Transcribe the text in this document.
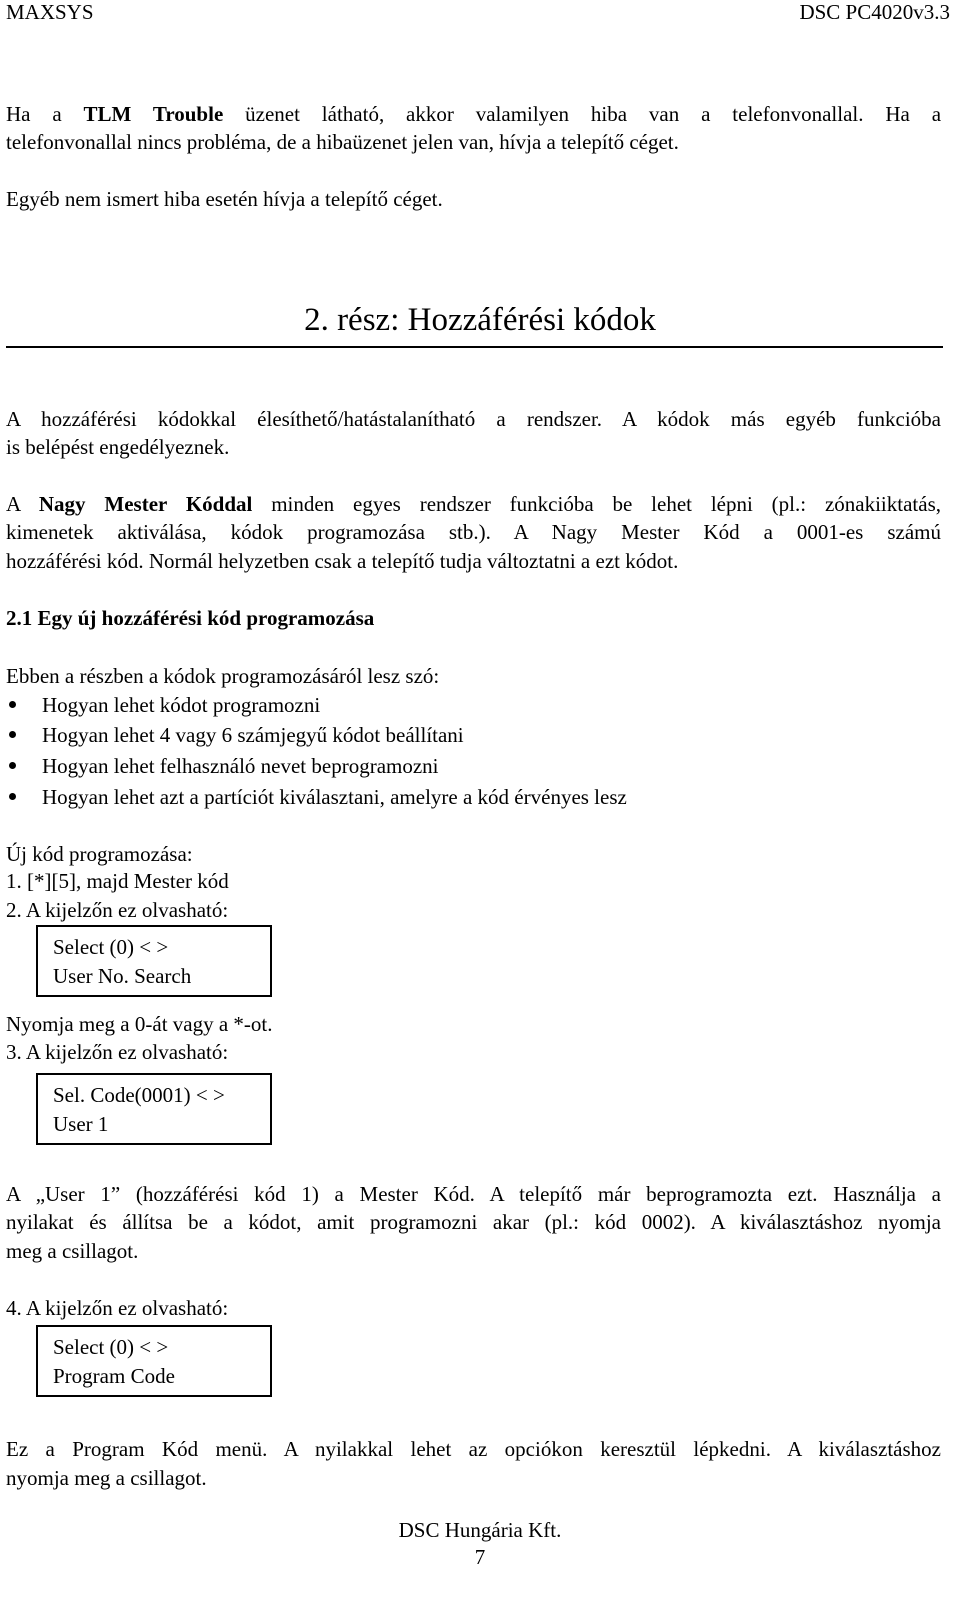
MAXSYS	DSC PC4020v3.3
Ha a TLM Trouble üzenet látható, akkor valamilyen hiba van a telefonvonallal. Ha a
telefonvonallal nincs probléma, de a hibaüzenet jelen van, hívja a telepítő céget.
Egyéb nem ismert hiba esetén hívja a telepítő céget.
2. rész: Hozzáférési kódok
A hozzáférési kódokkal élesíthető/hatástalanítható a rendszer. A kódok más egyéb funkcióba
is belépést engedélyeznek.
A Nagy Mester Kóddal minden egyes rendszer funkcióba be lehet lépni (pl.: zónakiiktatás,
kimenetek aktiválása, kódok programozása stb.). A Nagy Mester Kód a 0001-es számú
hozzáférési kód. Normál helyzetben csak a telepítő tudja változtatni a ezt kódot.
2.1 Egy új hozzáférési kód programozása
Ebben a részben a kódok programozásáról lesz szó:
Hogyan lehet kódot programozni
Hogyan lehet 4 vagy 6 számjegyű kódot beállítani
Hogyan lehet felhasználó nevet beprogramozni
Hogyan lehet azt a partíciót kiválasztani, amelyre a kód érvényes lesz
Új kód programozása:
1. [*][5], majd Mester kód
2. A kijelzőn ez olvasható:
Select (0) < >
User No. Search
Nyomja meg a 0-át vagy a *-ot.
3. A kijelzőn ez olvasható:
Sel. Code(0001) < >
User 1
A „User 1” (hozzáférési kód 1) a Mester Kód. A telepítő már beprogramozta ezt. Használja a
nyilakat és állítsa be a kódot, amit programozni akar (pl.: kód 0002). A kiválasztáshoz nyomja
meg a csillagot.
4. A kijelzőn ez olvasható:
Select (0) < >
Program Code
Ez a Program Kód menü. A nyilakkal lehet az opciókon keresztül lépkedni. A kiválasztáshoz
nyomja meg a csillagot.
DSC Hungária Kft.
7
